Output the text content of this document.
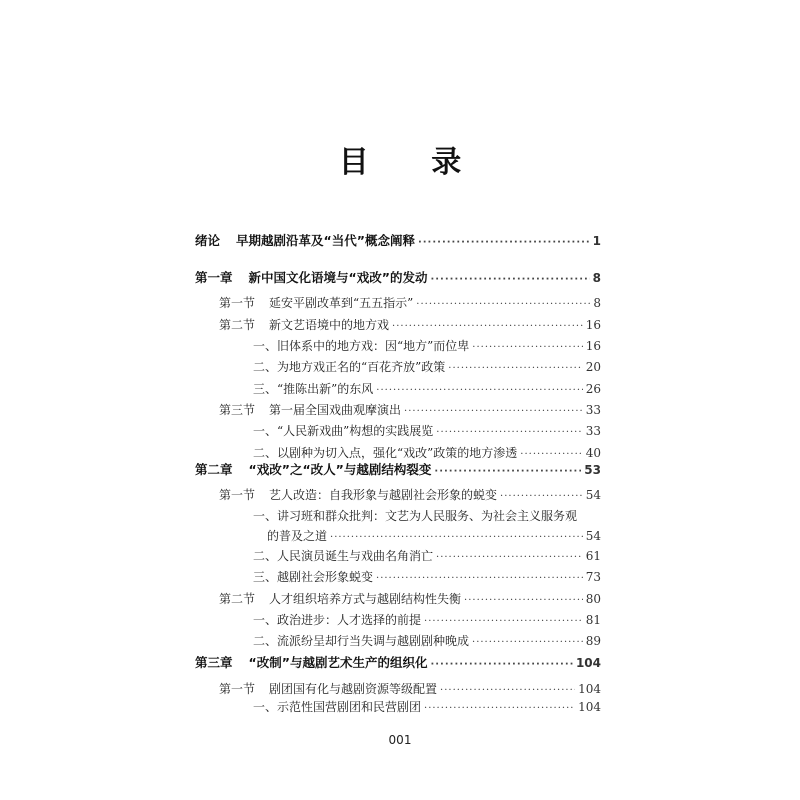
目 录
绪论 早期越剧沿革及“当代”概念阐释 ·····	1
第一章 新中国文化语境与“戏改”的发动 ·····	8
第一节 延安平剧改革到“五五指示” ·····	8
第二节 新文艺语境中的地方戏 ·····	16
一、旧体系中的地方戏：因“地方”而位卑 ·····	16
二、为地方戏正名的“百花齐放”政策 ·····	20
三、“推陈出新”的东风 ·····	26
第三节 第一届全国戏曲观摩演出 ·····	33
一、“人民新戏曲”构想的实践展览 ·····	33
二、以剧种为切入点，强化“戏改”政策的地方渗透 ·····	40
第二章 “戏改”之“改人”与越剧结构裂变 ·····	53
第一节 艺人改造：自我形象与越剧社会形象的蜕变 ·····	54
一、讲习班和群众批判：文艺为人民服务、为社会主义服务观
的普及之道 ·····	54
二、人民演员诞生与戏曲名角消亡 ·····	61
三、越剧社会形象蜕变 ·····	73
第二节 人才组织培养方式与越剧结构性失衡 ·····	80
一、政治进步：人才选择的前提 ·····	81
二、流派纷呈却行当失调与越剧剧种晚成 ·····	89
第三章 “改制”与越剧艺术生产的组织化 ·····	104
第一节 剧团国有化与越剧资源等级配置 ·····	104
一、示范性国营剧团和民营剧团 ·····	104
001
